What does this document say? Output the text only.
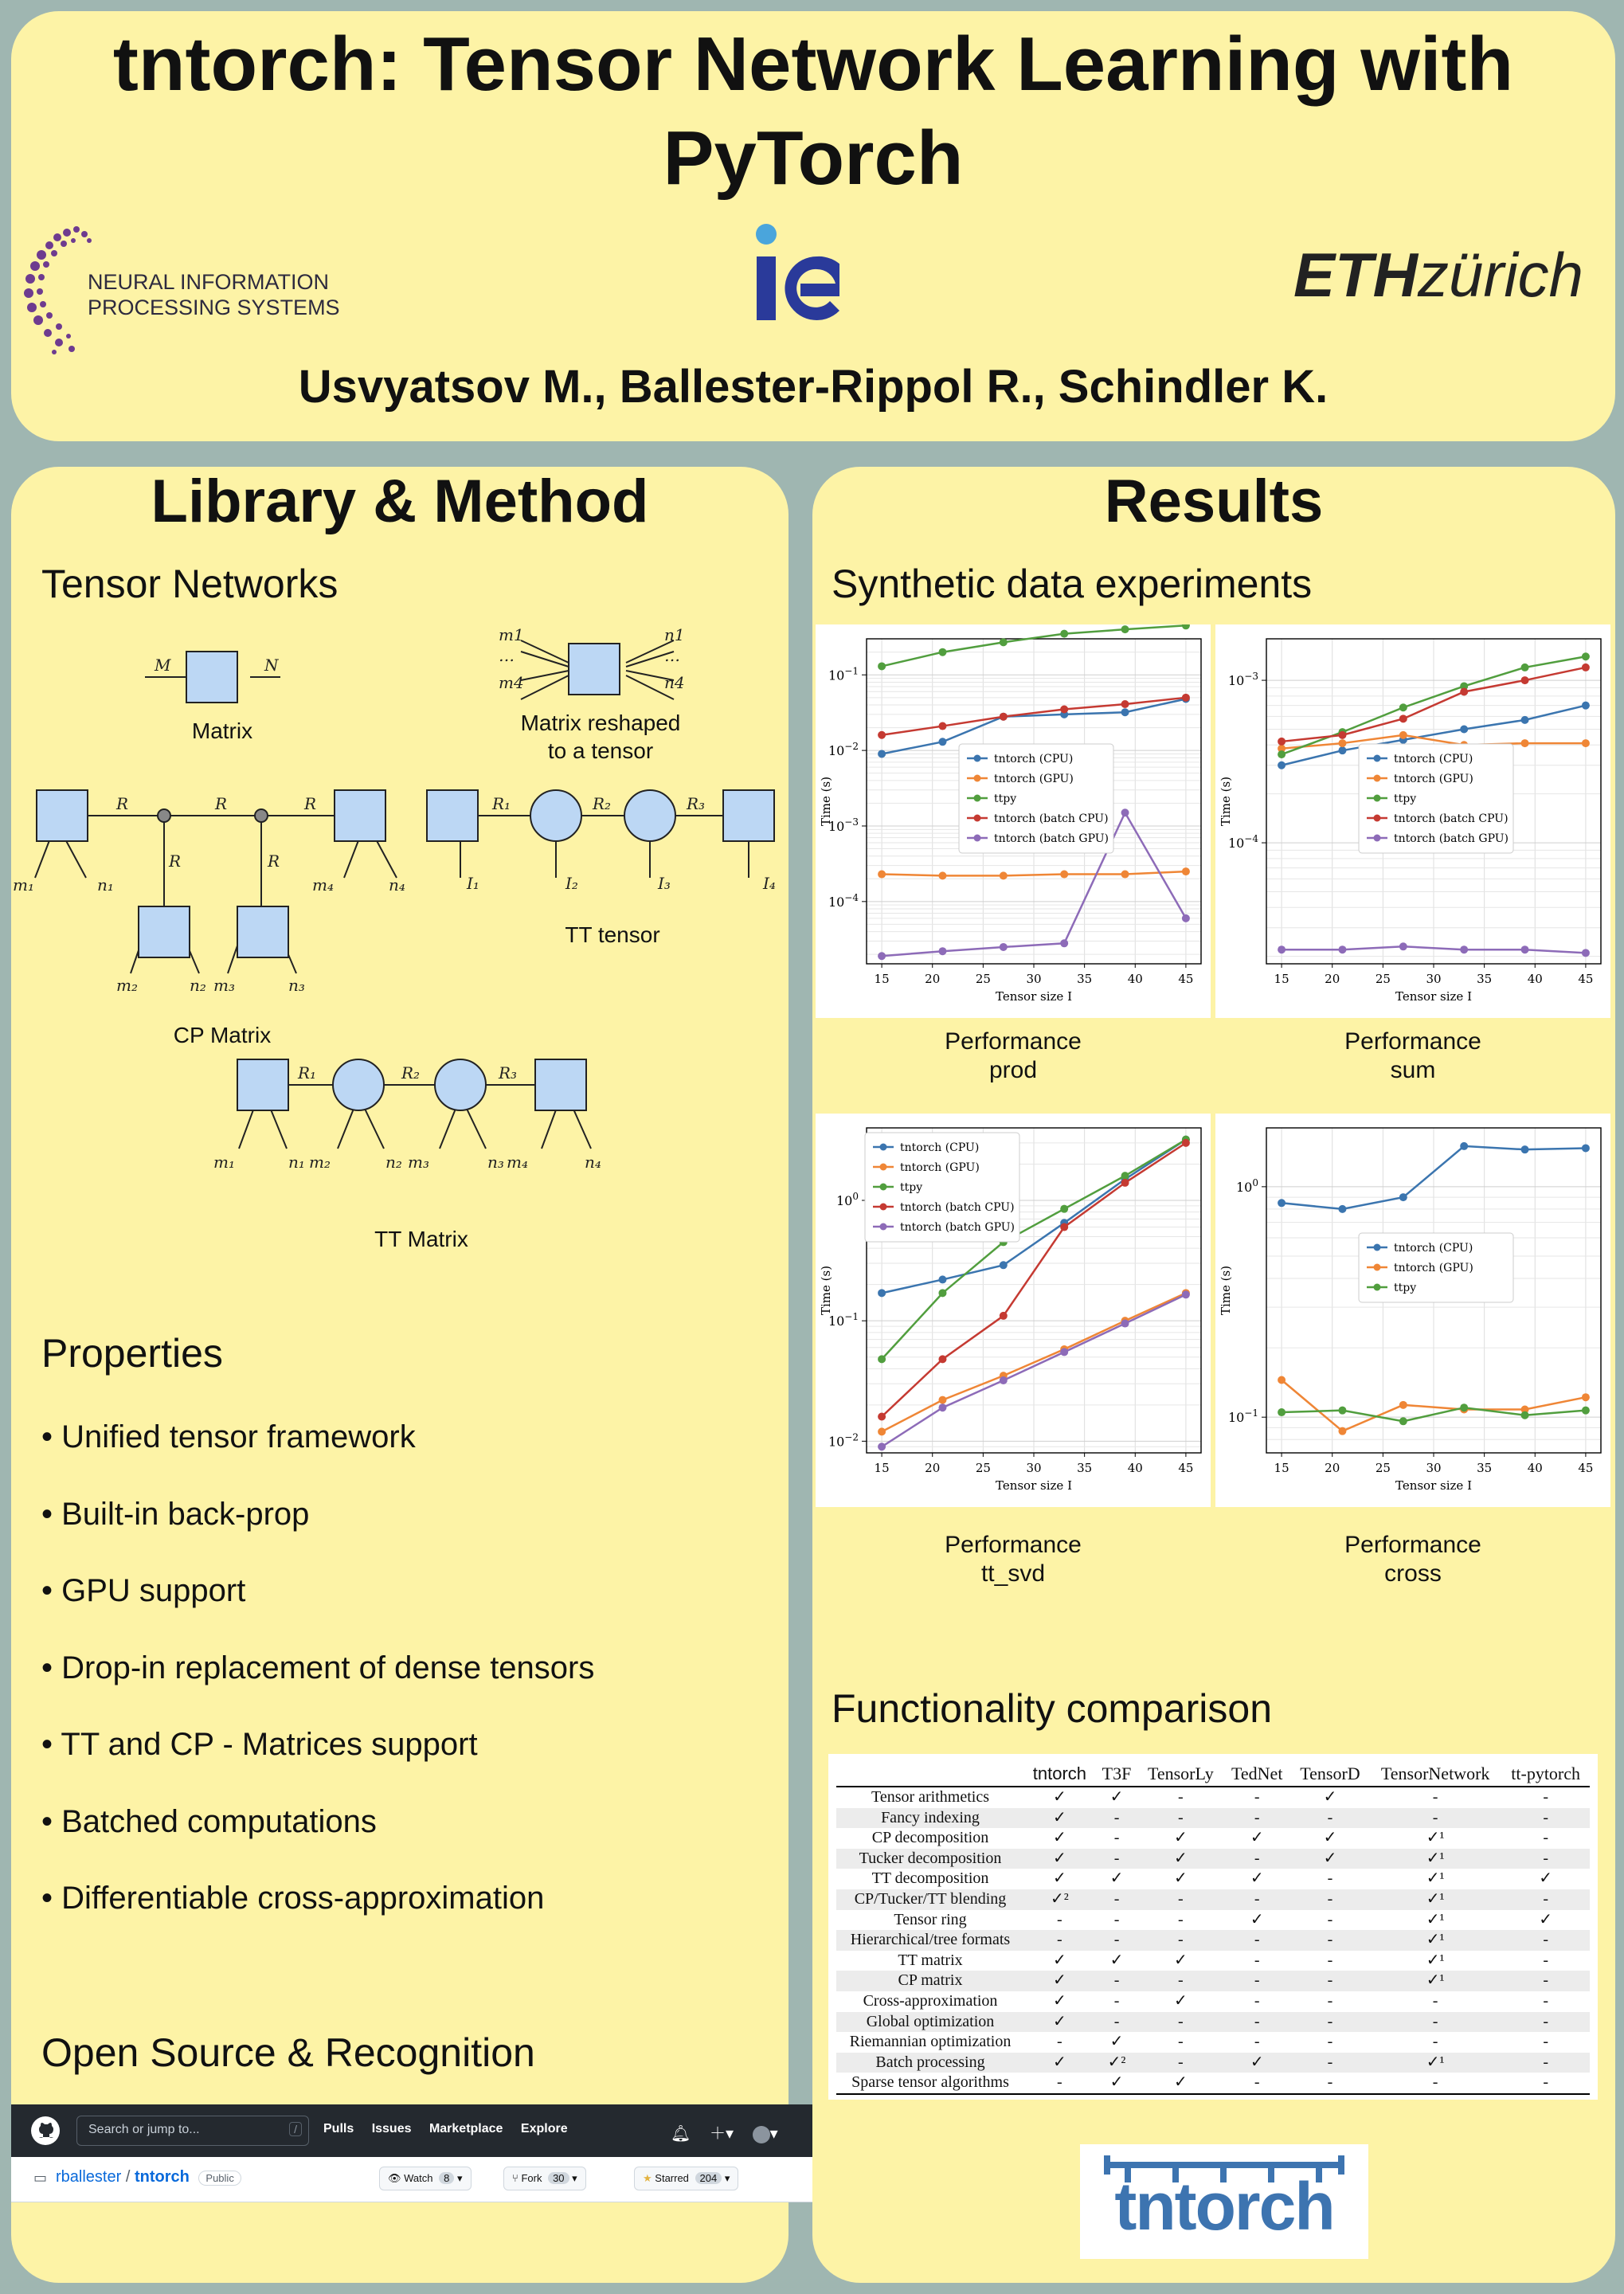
tntorch: Tensor Network Learning with PyTorch
NEURAL INFORMATION
PROCESSING SYSTEMS	ETHzürich
Usvyatsov M., Ballester-Rippol R., Schindler K.
Library & Method
Tensor Networks
M	N
m1
…
m4
n1
…
n4
R	R	R
R	R
m₁	n₁	m₄	n₄
m₂	n₂ m₃	n₃
R₁	R₂	R₃
I₁	I₂	I₃	I₄
R₁	R₂	R₃
m₁	n₁ m₂	n₂ m₃	n₃ m₄	n₄
Matrix	Matrix reshaped
to a tensor
CP Matrix
TT tensor
TT Matrix
Properties
• Unified tensor framework
• Built-in back-prop
• GPU support
• Drop-in replacement of dense tensors
• TT and CP - Matrices support
• Batched computations
• Differentiable cross-approximation
Open Source & Recognition
Search or jump to...	/	Pulls Issues Marketplace Explore	🔔︎ ＋▾ ▾
▭ rballester / tntorch Public	👁︎ Watch 8 ▾	⑂ Fork 30 ▾	★ Starred 204 ▾
Results
Synthetic data experiments
$10^{-4}$
$10^{-3}$
$10^{-2}$
$10^{-1}$
15	20	25	30	35	40	45
Tensor size I
Time (s)
tntorch (CPU)
tntorch (GPU)
ttpy
tntorch (batch CPU)
tntorch (batch GPU)	$10^{-4}$
$10^{-3}$
15	20	25	30	35	40	45
Tensor size I
Time (s)
tntorch (CPU)
tntorch (GPU)
ttpy
tntorch (batch CPU)
tntorch (batch GPU)
$10^{-2}$
$10^{-1}$
$10^0$
15	20	25	30	35	40	45
Tensor size I
Time (s)
tntorch (CPU)
tntorch (GPU)
ttpy
tntorch (batch CPU)
tntorch (batch GPU)
$10^{-1}$
$10^0$
15	20	25	30	35	40	45
Tensor size I
Time (s)
tntorch (CPU)
tntorch (GPU)
ttpy
Performance
prod
Performance
sum
Performance
tt_svd
Performance
cross
Functionality comparison
	tntorch	T3F	TensorLy	TedNet	TensorD	TensorNetwork	tt-pytorch
Tensor arithmetics	✓	✓	-	-	✓	-	-
Fancy indexing	✓	-	-	-	-	-	-
CP decomposition	✓	-	✓	✓	✓	✓¹	-
Tucker decomposition	✓	-	✓	-	✓	✓¹	-
TT decomposition	✓	✓	✓	✓	-	✓¹	✓
CP/Tucker/TT blending	✓²	-	-	-	-	✓¹	-
Tensor ring	-	-	-	✓	-	✓¹	✓
Hierarchical/tree formats	-	-	-	-	-	✓¹	-
TT matrix	✓	✓	✓	-	-	✓¹	-
CP matrix	✓	-	-	-	-	✓¹	-
Cross-approximation	✓	-	✓	-	-	-	-
Global optimization	✓	-	-	-	-	-	-
Riemannian optimization	-	✓	-	-	-	-	-
Batch processing	✓	✓²	-	✓	-	✓¹	-
Sparse tensor algorithms	-	✓	✓	-	-	-	-
tntorch
